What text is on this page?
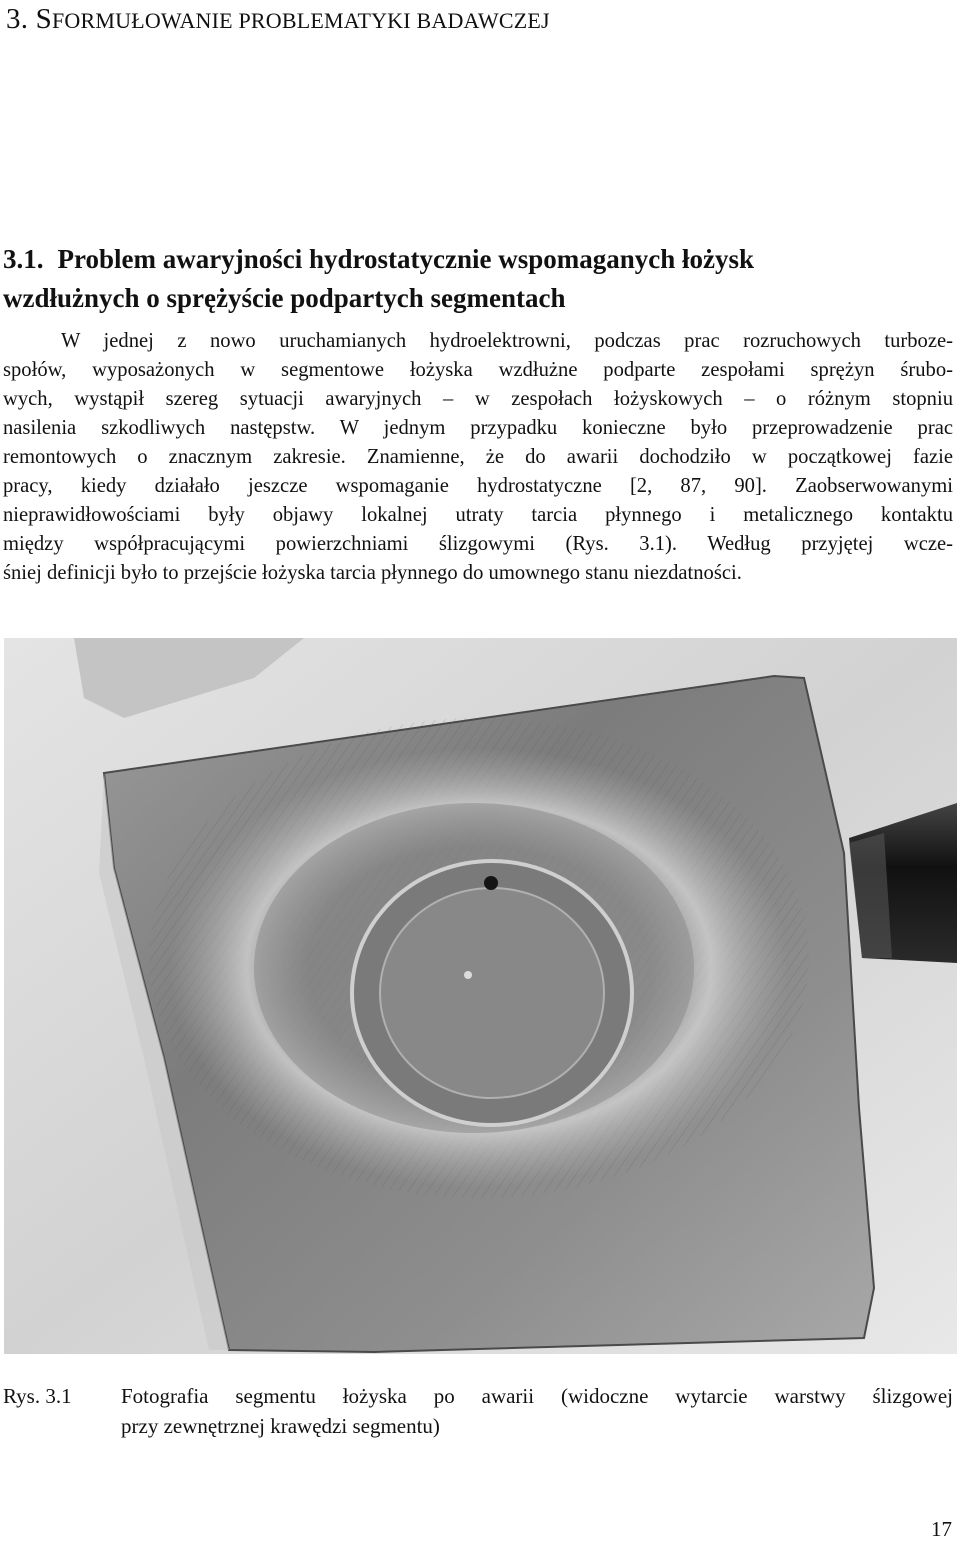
3. SFORMUŁOWANIE PROBLEMATYKI BADAWCZEJ
3.1. Problem awaryjności hydrostatycznie wspomaganych łożysk
wzdłużnych o sprężyście podpartych segmentach
W jednej z nowo uruchamianych hydroelektrowni, podczas prac rozruchowych turboze-
społów, wyposażonych w segmentowe łożyska wzdłużne podparte zespołami sprężyn śrubo-
wych, wystąpił szereg sytuacji awaryjnych – w zespołach łożyskowych – o różnym stopniu
nasilenia szkodliwych następstw. W jednym przypadku konieczne było przeprowadzenie prac
remontowych o znacznym zakresie. Znamienne, że do awarii dochodziło w początkowej fazie
pracy, kiedy działało jeszcze wspomaganie hydrostatyczne [2, 87, 90]. Zaobserwowanymi
nieprawidłowościami były objawy lokalnej utraty tarcia płynnego i metalicznego kontaktu
między współpracującymi powierzchniami ślizgowymi (Rys. 3.1). Według przyjętej wcze-
śniej definicji było to przejście łożyska tarcia płynnego do umownego stanu niezdatności.
Rys. 3.1 Fotografia segmentu łożyska po awarii (widoczne wytarcie warstwy ślizgowej
przy zewnętrznej krawędzi segmentu)
17
